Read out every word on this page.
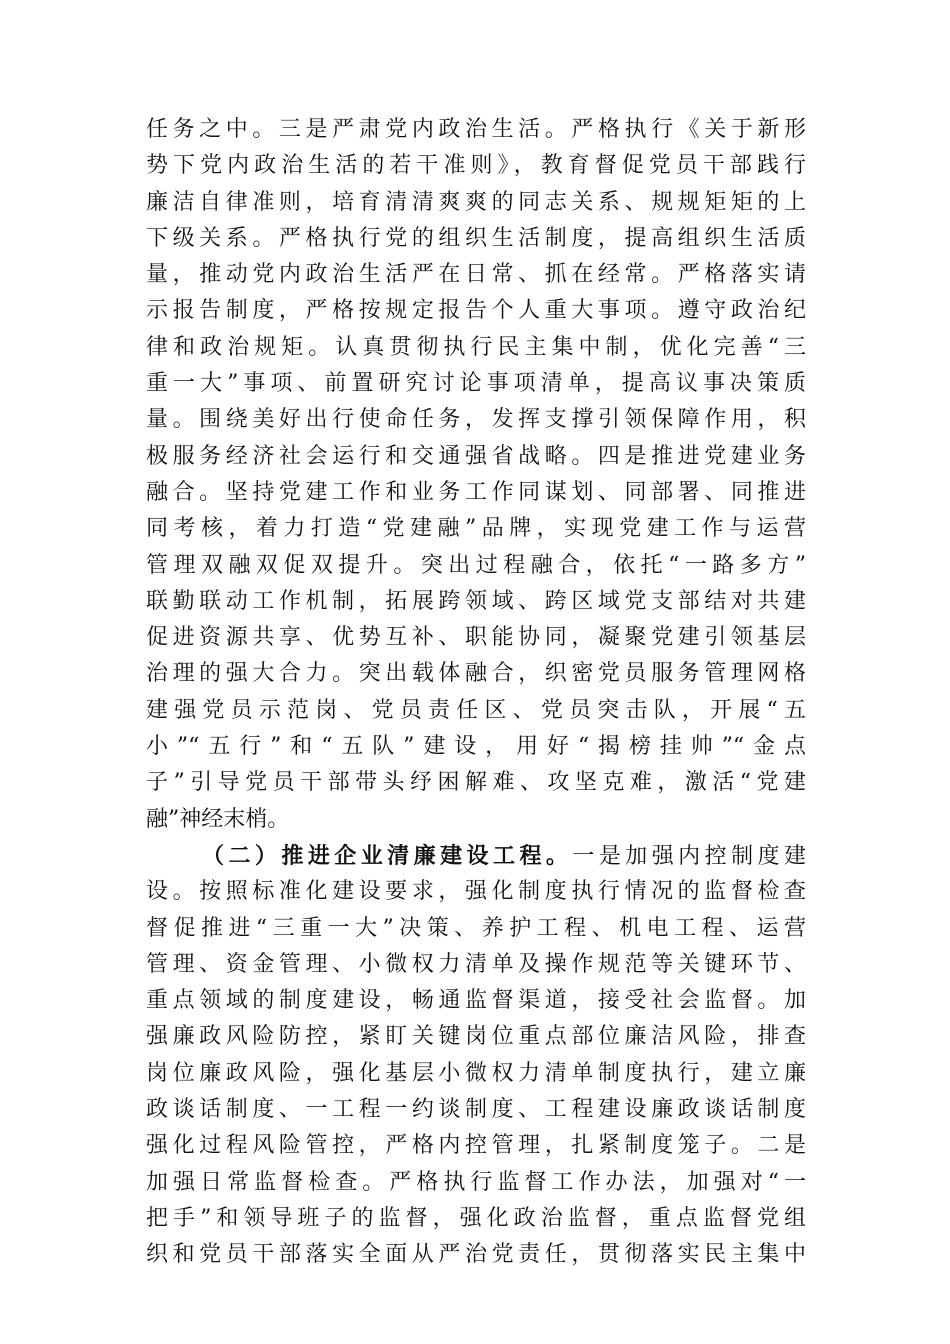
任务之中。三是严肃党内政治生活。严格执行《关于新形
势下党内政治生活的若干准则》，教育督促党员干部践行
廉洁自律准则，培育清清爽爽的同志关系、规规矩矩的上
下级关系。严格执行党的组织生活制度，提高组织生活质
量，推动党内政治生活严在日常、抓在经常。严格落实请
示报告制度，严格按规定报告个人重大事项。遵守政治纪
律和政治规矩。认真贯彻执行民主集中制，优化完善“三
重一大”事项、前置研究讨论事项清单，提高议事决策质
量。围绕美好出行使命任务，发挥支撑引领保障作用，积
极服务经济社会运行和交通强省战略。四是推进党建业务
融合。坚持党建工作和业务工作同谋划、同部署、同推进
同考核，着力打造“党建融”品牌，实现党建工作与运营
管理双融双促双提升。突出过程融合，依托“一路多方”
联勤联动工作机制，拓展跨领域、跨区域党支部结对共建
促进资源共享、优势互补、职能协同，凝聚党建引领基层
治理的强大合力。突出载体融合，织密党员服务管理网格
建强党员示范岗、党员责任区、党员突击队，开展“五
小”“五行”和“五队”建设，用好“揭榜挂帅”“金点
子”引导党员干部带头纾困解难、攻坚克难，激活“党建
融”神经末梢。
（二）推进企业清廉建设工程。一是加强内控制度建
设。按照标准化建设要求，强化制度执行情况的监督检查
督促推进“三重一大”决策、养护工程、机电工程、运营
管理、资金管理、小微权力清单及操作规范等关键环节、
重点领域的制度建设，畅通监督渠道，接受社会监督。加
强廉政风险防控，紧盯关键岗位重点部位廉洁风险，排查
岗位廉政风险，强化基层小微权力清单制度执行，建立廉
政谈话制度、一工程一约谈制度、工程建设廉政谈话制度
强化过程风险管控，严格内控管理，扎紧制度笼子。二是
加强日常监督检查。严格执行监督工作办法，加强对“一
把手”和领导班子的监督，强化政治监督，重点监督党组
织和党员干部落实全面从严治党责任，贯彻落实民主集中
